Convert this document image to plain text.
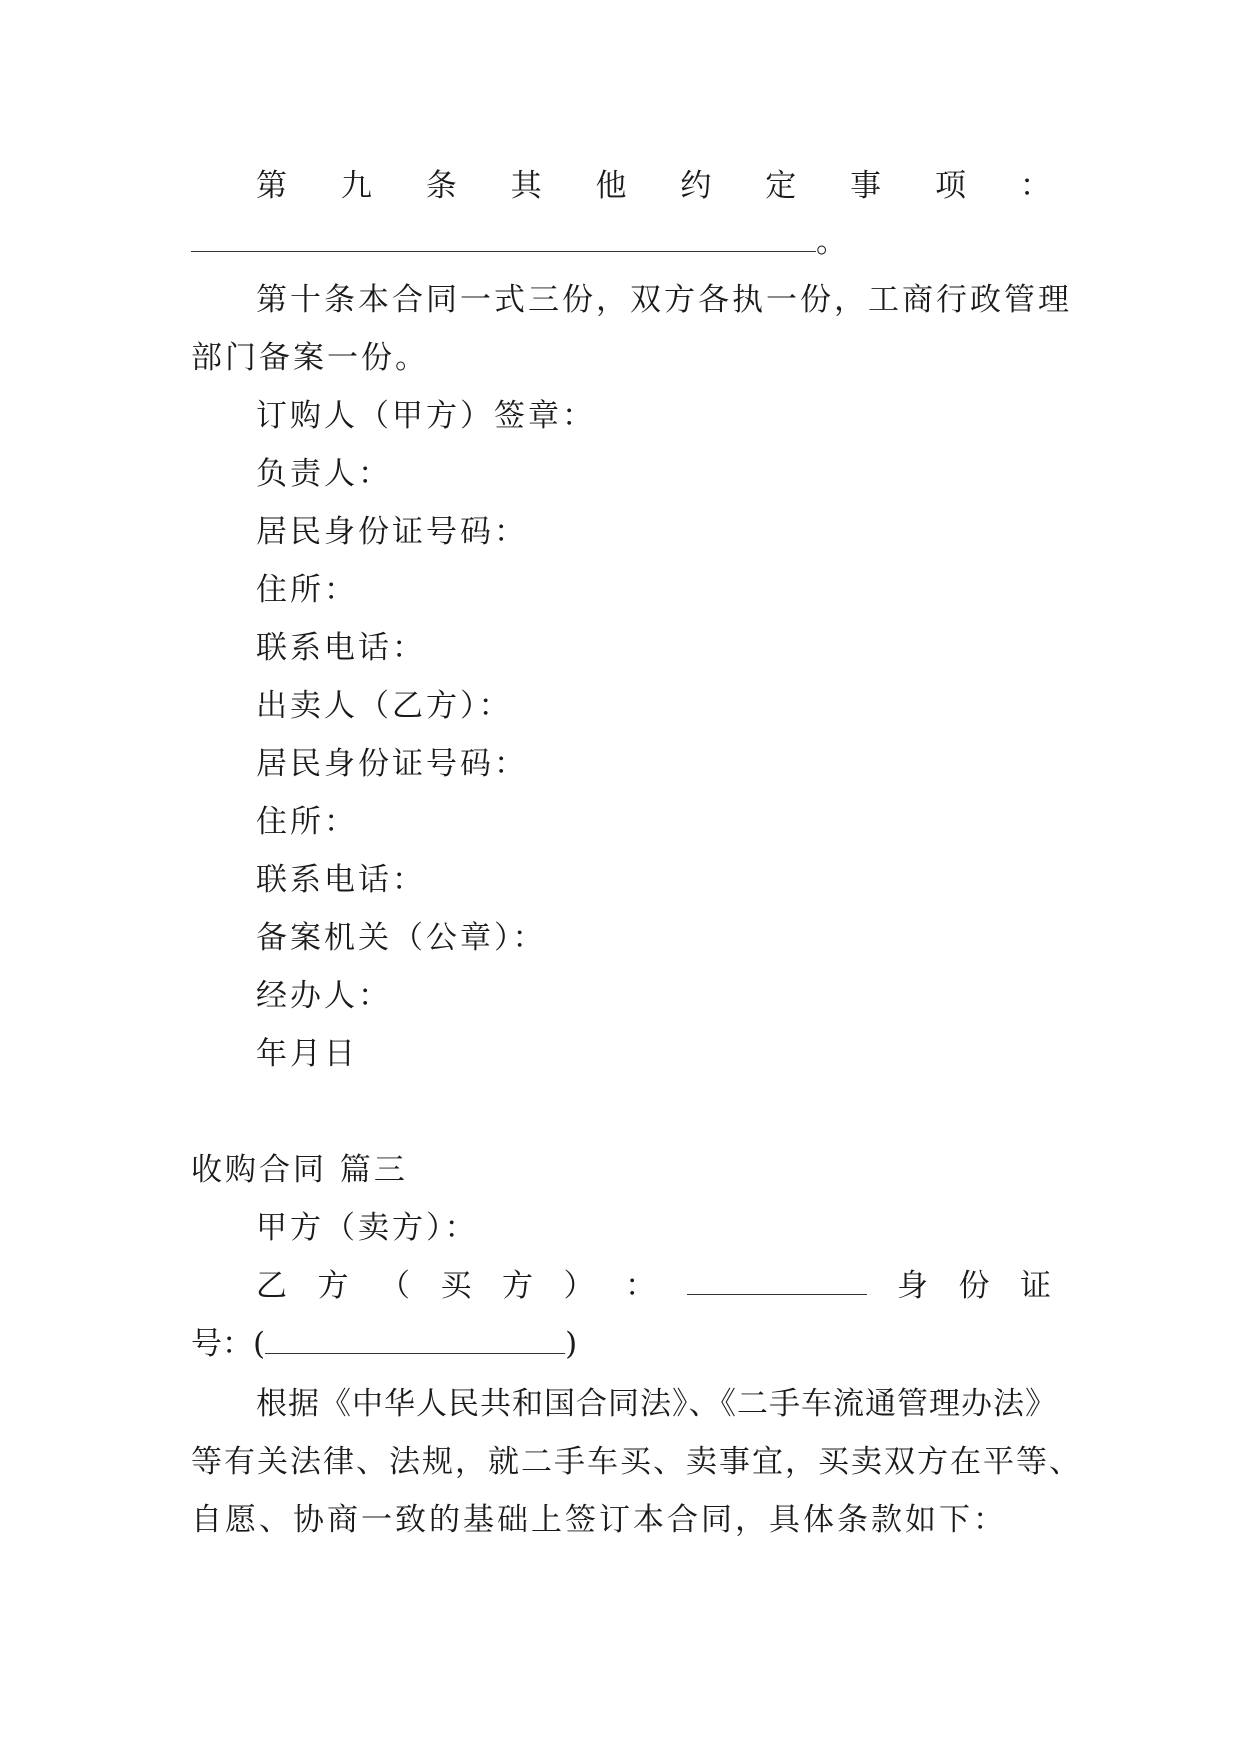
第 九 条 其 他 约 定 事 项 ：
。
第十条本合同一式三份，双方各执一份，工商行政管理
部门备案一份。
订购人（甲方）签章：
负责人：
居民身份证号码：
住所：
联系电话：
出卖人（乙方）：
居民身份证号码：
住所：
联系电话：
备案机关（公章）：
经办人：
年月日
收购合同 篇三
甲方（卖方）：
乙 方 （ 买 方 ） ：	身 份 证
号：(	)
根据《中华人民共和国合同法》、《二手车流通管理办法》
等有关法律、法规，就二手车买、卖事宜，买卖双方在平等、
自愿、协商一致的基础上签订本合同，具体条款如下：
